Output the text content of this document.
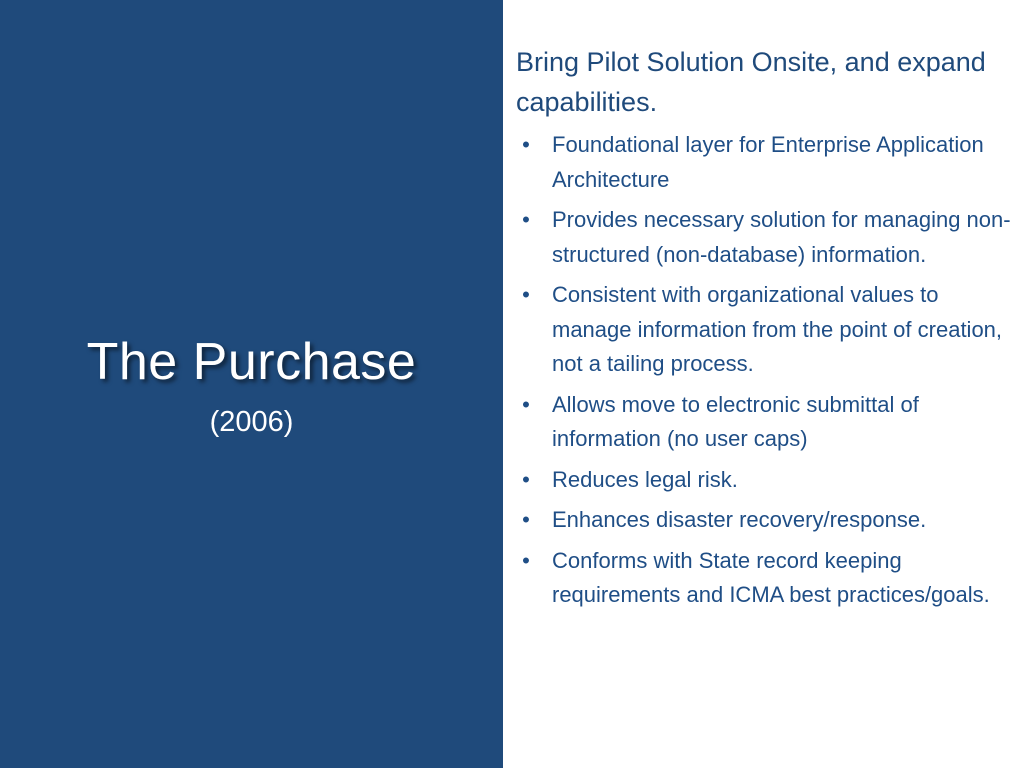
The Purchase
(2006)
Bring Pilot Solution Onsite, and expand capabilities.
• Foundational layer for Enterprise Application Architecture
• Provides necessary solution for managing non-structured (non-database) information.
• Consistent with organizational values to manage information from the point of creation, not a tailing process.
• Allows move to electronic submittal of information (no user caps)
• Reduces legal risk.
• Enhances disaster recovery/response.
• Conforms with State record keeping requirements and ICMA best practices/goals.
